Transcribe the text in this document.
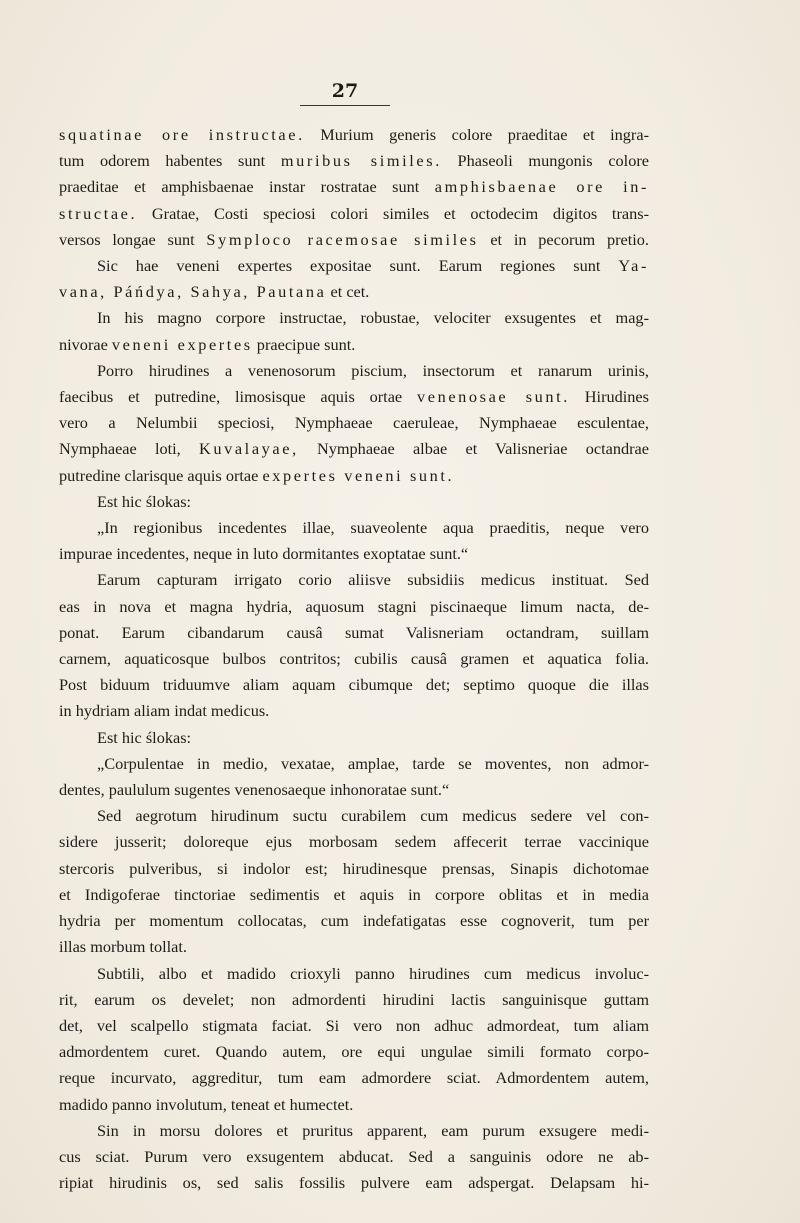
27

squatinae ore instructae. Murium generis colore praeditae et ingra-

tum odorem habentes sunt muribus similes. Phaseoli mungonis colore

praeditae et amphisbaenae instar rostratae sunt amphisbaenae ore in-

structae. Gratae, Costi speciosi colori similes et octodecim digitos trans-

versos longae sunt Symploco racemosae similes et in pecorum pretio.

Sic hae veneni expertes expositae sunt. Earum regiones sunt Ya-

vana, Páńdya, Sahya, Pautana et cet.

In his magno corpore instructae, robustae, velociter exsugentes et mag-

nivorae veneni expertes praecipue sunt.

Porro hirudines a venenosorum piscium, insectorum et ranarum urinis,

faecibus et putredine, limosisque aquis ortae venenosae sunt. Hirudines

vero a Nelumbii speciosi, Nymphaeae caeruleae, Nymphaeae esculentae,

Nymphaeae loti, Kuvalayae, Nymphaeae albae et Valisneriae octandrae

putredine clarisque aquis ortae expertes veneni sunt.

Est hic ślokas:

„In regionibus incedentes illae, suaveolente aqua praeditis, neque vero

impurae incedentes, neque in luto dormitantes exoptatae sunt.“

Earum capturam irrigato corio aliisve subsidiis medicus instituat. Sed

eas in nova et magna hydria, aquosum stagni piscinaeque limum nacta, de-

ponat. Earum cibandarum causâ sumat Valisneriam octandram, suillam

carnem, aquaticosque bulbos contritos; cubilis causâ gramen et aquatica folia.

Post biduum triduumve aliam aquam cibumque det; septimo quoque die illas

in hydriam aliam indat medicus.

Est hic ślokas:

„Corpulentae in medio, vexatae, amplae, tarde se moventes, non admor-

dentes, paululum sugentes venenosaeque inhonoratae sunt.“

Sed aegrotum hirudinum suctu curabilem cum medicus sedere vel con-

sidere jusserit; doloreque ejus morbosam sedem affecerit terrae vaccinique

stercoris pulveribus, si indolor est; hirudinesque prensas, Sinapis dichotomae

et Indigoferae tinctoriae sedimentis et aquis in corpore oblitas et in media

hydria per momentum collocatas, cum indefatigatas esse cognoverit, tum per

illas morbum tollat.

Subtili, albo et madido crioxyli panno hirudines cum medicus involuc-

rit, earum os develet; non admordenti hirudini lactis sanguinisque guttam

det, vel scalpello stigmata faciat. Si vero non adhuc admordeat, tum aliam

admordentem curet. Quando autem, ore equi ungulae simili formato corpo-

reque incurvato, aggreditur, tum eam admordere sciat. Admordentem autem,

madido panno involutum, teneat et humectet.

Sin in morsu dolores et pruritus apparent, eam purum exsugere medi-

cus sciat. Purum vero exsugentem abducat. Sed a sanguinis odore ne ab-

ripiat hirudinis os, sed salis fossilis pulvere eam adspergat. Delapsam hi-
